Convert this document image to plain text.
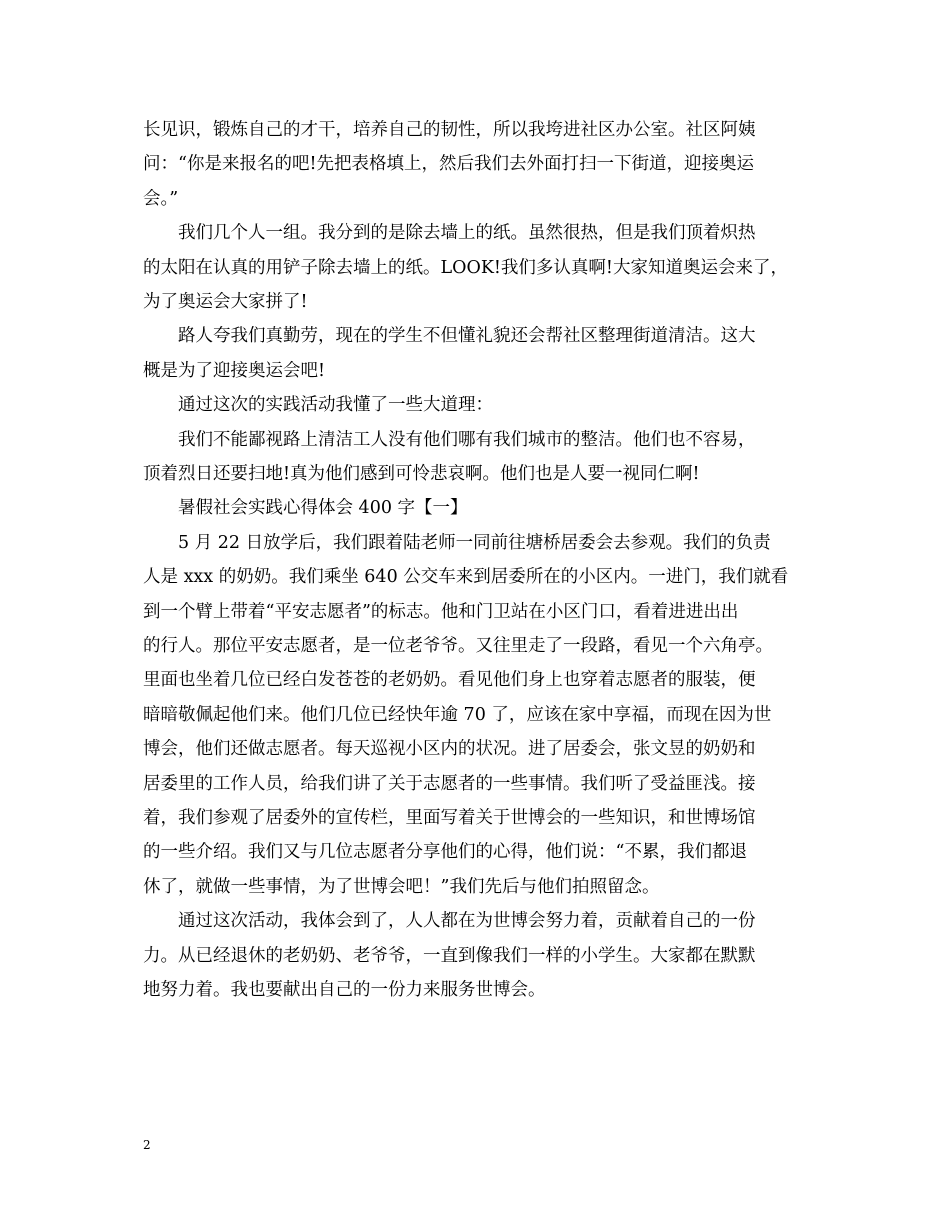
长见识，锻炼自己的才干，培养自己的韧性，所以我垮进社区办公室。社区阿姨

问：“你是来报名的吧!先把表格填上，然后我们去外面打扫一下街道，迎接奥运

会。”

　　我们几个人一组。我分到的是除去墙上的纸。虽然很热，但是我们顶着炽热

的太阳在认真的用铲子除去墙上的纸。LOOK!我们多认真啊!大家知道奥运会来了，

为了奥运会大家拼了!

　　路人夸我们真勤劳，现在的学生不但懂礼貌还会帮社区整理街道清洁。这大

概是为了迎接奥运会吧!

　　通过这次的实践活动我懂了一些大道理：

　　我们不能鄙视路上清洁工人没有他们哪有我们城市的整洁。他们也不容易，

顶着烈日还要扫地!真为他们感到可怜悲哀啊。他们也是人要一视同仁啊!

　　暑假社会实践心得体会 400 字【一】

　　5 月 22 日放学后，我们跟着陆老师一同前往塘桥居委会去参观。我们的负责

人是 xxx 的奶奶。我们乘坐 640 公交车来到居委所在的小区内。一进门，我们就看

到一个臂上带着“平安志愿者”的标志。他和门卫站在小区门口，看着进进出出

的行人。那位平安志愿者，是一位老爷爷。又往里走了一段路，看见一个六角亭。

里面也坐着几位已经白发苍苍的老奶奶。看见他们身上也穿着志愿者的服装，便

暗暗敬佩起他们来。他们几位已经快年逾 70 了，应该在家中享福，而现在因为世

博会，他们还做志愿者。每天巡视小区内的状况。进了居委会，张文昱的奶奶和

居委里的工作人员，给我们讲了关于志愿者的一些事情。我们听了受益匪浅。接

着，我们参观了居委外的宣传栏，里面写着关于世博会的一些知识，和世博场馆

的一些介绍。我们又与几位志愿者分享他们的心得，他们说：“不累，我们都退

休了，就做一些事情，为了世博会吧！”我们先后与他们拍照留念。

　　通过这次活动，我体会到了，人人都在为世博会努力着，贡献着自己的一份

力。从已经退休的老奶奶、老爷爷，一直到像我们一样的小学生。大家都在默默

地努力着。我也要献出自己的一份力来服务世博会。

2
